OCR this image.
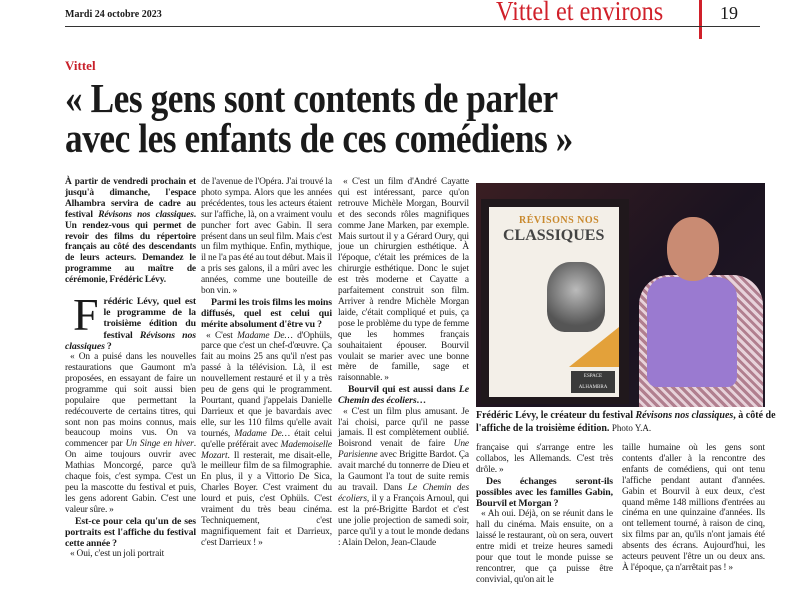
Mardi 24 octobre 2023	Vittel et environs	19
Vittel
« Les gens sont contents de parler
avec les enfants de ces comédiens »

À partir de vendredi prochain et jusqu'à dimanche, l'espace Alhambra servira de cadre au festival Révisons nos classiques. Un rendez-vous qui permet de revoir des films du répertoire français au côté des descendants de leurs acteurs. Demandez le programme au maître de cérémonie, Frédéric Lévy.

Frédéric Lévy, quel est le programme de la troisième édition du festival Révisons nos classiques ?

« On a puisé dans les nouvelles restaurations que Gaumont m'a proposées, en essayant de faire un programme qui soit aussi bien populaire que permettant la redécouverte de certains titres, qui sont non pas moins connus, mais beaucoup moins vus. On va commencer par Un Singe en hiver. On aime toujours ouvrir avec Mathias Moncorgé, parce qu'à chaque fois, c'est sympa. C'est un peu la mascotte du festival et puis, les gens adorent Gabin. C'est une valeur sûre. »

Est-ce pour cela qu'un de ses portraits est l'affiche du festival cette année ?

« Oui, c'est un joli portrait

de l'avenue de l'Opéra. J'ai trouvé la photo sympa. Alors que les années précédentes, tous les acteurs étaient sur l'affiche, là, on a vraiment voulu puncher fort avec Gabin. Il sera présent dans un seul film. Mais c'est un film mythique. Enfin, mythique, il ne l'a pas été au tout début. Mais il a pris ses galons, il a mûri avec les années, comme une bouteille de bon vin. »

Parmi les trois films les moins diffusés, quel est celui qui mérite absolument d'être vu ?

« C'est Madame De… d'Ophüls, parce que c'est un chef-d'œuvre. Ça fait au moins 25 ans qu'il n'est pas passé à la télévision. Là, il est nouvellement restauré et il y a très peu de gens qui le programment. Pourtant, quand j'appelais Danielle Darrieux et que je bavardais avec elle, sur les 110 films qu'elle avait tournés, Madame De… était celui qu'elle préférait avec Mademoiselle Mozart. Il resterait, me disait-elle, le meilleur film de sa filmographie. En plus, il y a Vittorio De Sica, Charles Boyer. C'est vraiment du lourd et puis, c'est Ophüls. C'est vraiment du très beau cinéma. Techniquement, c'est magnifiquement fait et Darrieux, c'est Darrieux ! »

« C'est un film d'André Cayatte qui est intéressant, parce qu'on retrouve Michèle Morgan, Bourvil et des seconds rôles magnifiques comme Jane Marken, par exemple. Mais surtout il y a Gérard Oury, qui joue un chirurgien esthétique. À l'époque, c'était les prémices de la chirurgie esthétique. Donc le sujet est très moderne et Cayatte a parfaitement construit son film. Arriver à rendre Michèle Morgan laide, c'était compliqué et puis, ça pose le problème du type de femme que les hommes français souhaitaient épouser. Bourvil voulait se marier avec une bonne mère de famille, sage et raisonnable. »

Bourvil qui est aussi dans Le Chemin des écoliers…

« C'est un film plus amusant. Je l'ai choisi, parce qu'il ne passe jamais. Il est complètement oublié. Boisrond venait de faire Une Parisienne avec Brigitte Bardot. Ça avait marché du tonnerre de Dieu et la Gaumont l'a tout de suite remis au travail. Dans Le Chemin des écoliers, il y a François Arnoul, qui est la pré-Brigitte Bardot et c'est une jolie projection de samedi soir, parce qu'il y a tout le monde dedans : Alain Delon, Jean-Claude

française qui s'arrange entre les collabos, les Allemands. C'est très drôle. »

Des échanges seront-ils possibles avec les familles Gabin, Bourvil et Morgan ?

« Ah oui. Déjà, on se réunit dans le hall du cinéma. Mais ensuite, on a laissé le restaurant, où on sera, ouvert entre midi et treize heures samedi pour que tout le monde puisse se rencontrer, que ça puisse être convivial, qu'on ait le

taille humaine où les gens sont contents d'aller à la rencontre des enfants de comédiens, qui ont tenu l'affiche pendant autant d'années. Gabin et Bourvil à eux deux, c'est quand même 148 millions d'entrées au cinéma en une quinzaine d'années. Ils ont tellement tourné, à raison de cinq, six films par an, qu'ils n'ont jamais été absents des écrans. Aujourd'hui, les acteurs peuvent l'être un ou deux ans. À l'époque, ça n'arrêtait pas ! »

RÉVISONS NOS
CLASSIQUES
ESPACE ALHAMBRA
Frédéric Lévy, le créateur du festival Révisons nos classiques, à côté de l'affiche de la troisième édition. Photo Y.A.
